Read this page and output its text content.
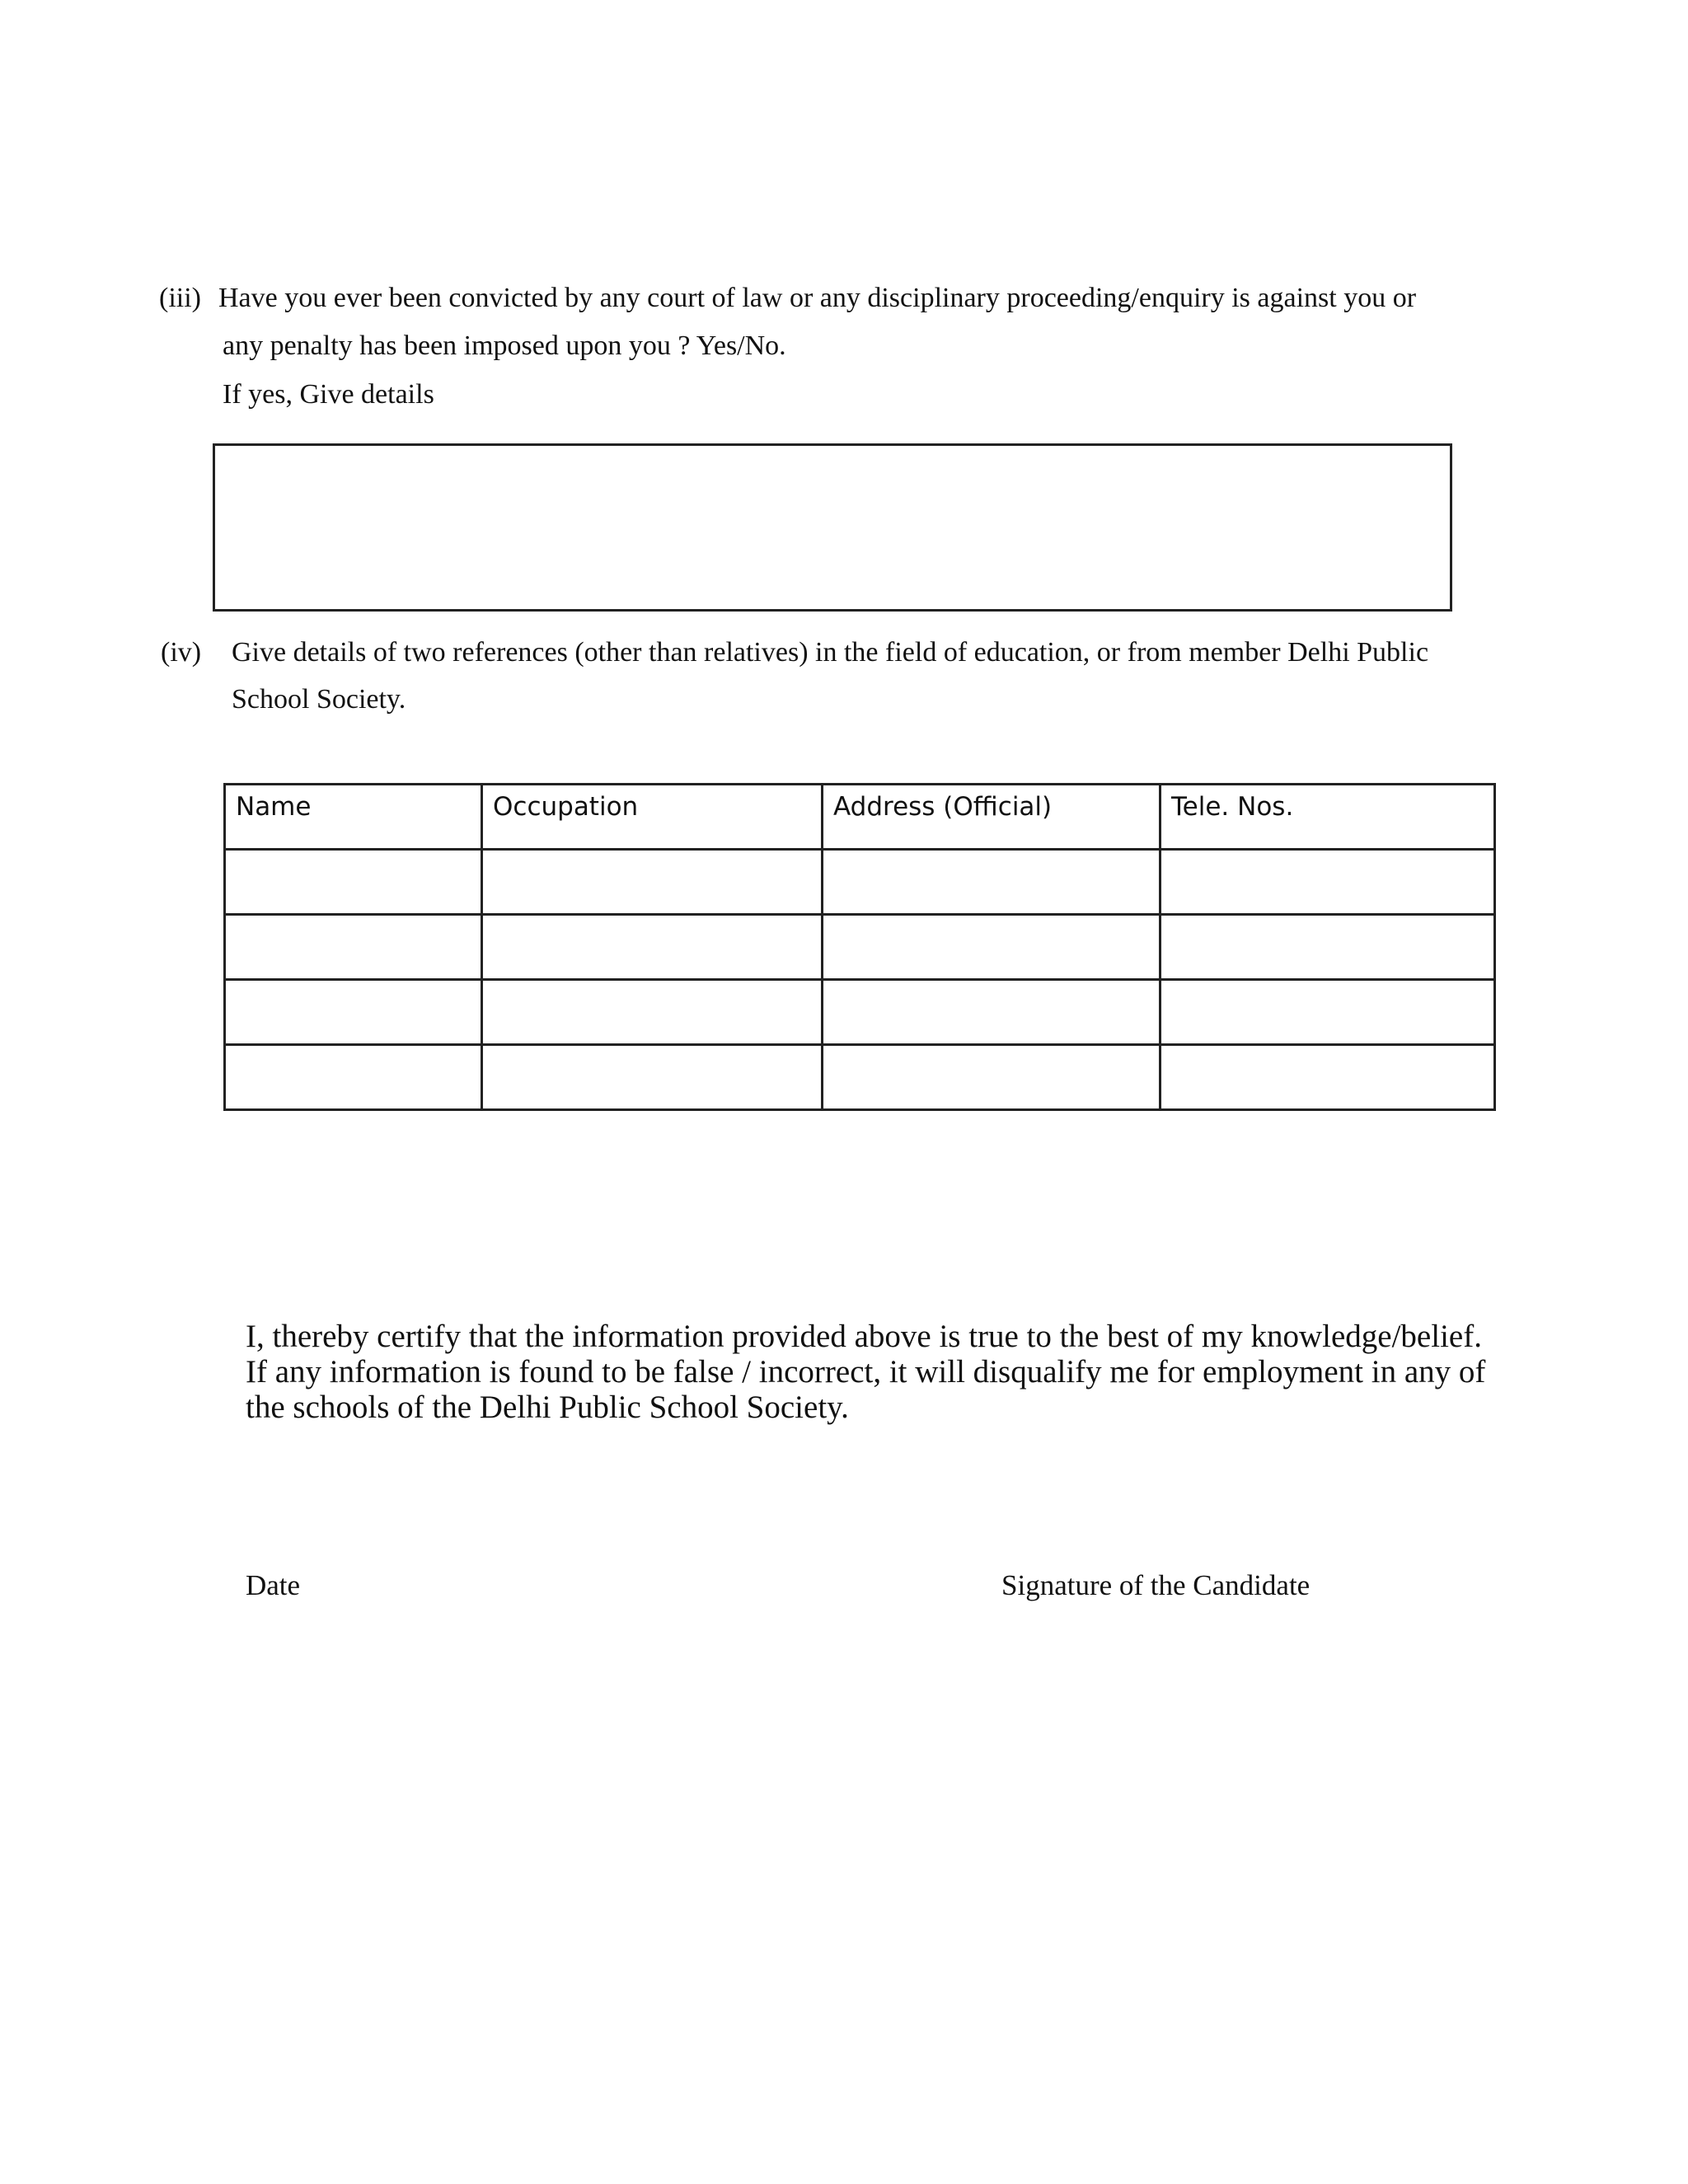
(iii) Have you ever been convicted by any court of law or any disciplinary proceeding/enquiry is against you or
any penalty has been imposed upon you ? Yes/No.
If yes, Give details
(iv) Give details of two references (other than relatives) in the field of education, or from member Delhi Public
School Society.
Name	Occupation	Address (Official)	Tele. Nos.

I, thereby certify that the information provided above is true to the best of my knowledge/belief.
If any information is found to be false / incorrect, it will disqualify me for employment in any of
the schools of the Delhi Public School Society.
Date	Signature of the Candidate
